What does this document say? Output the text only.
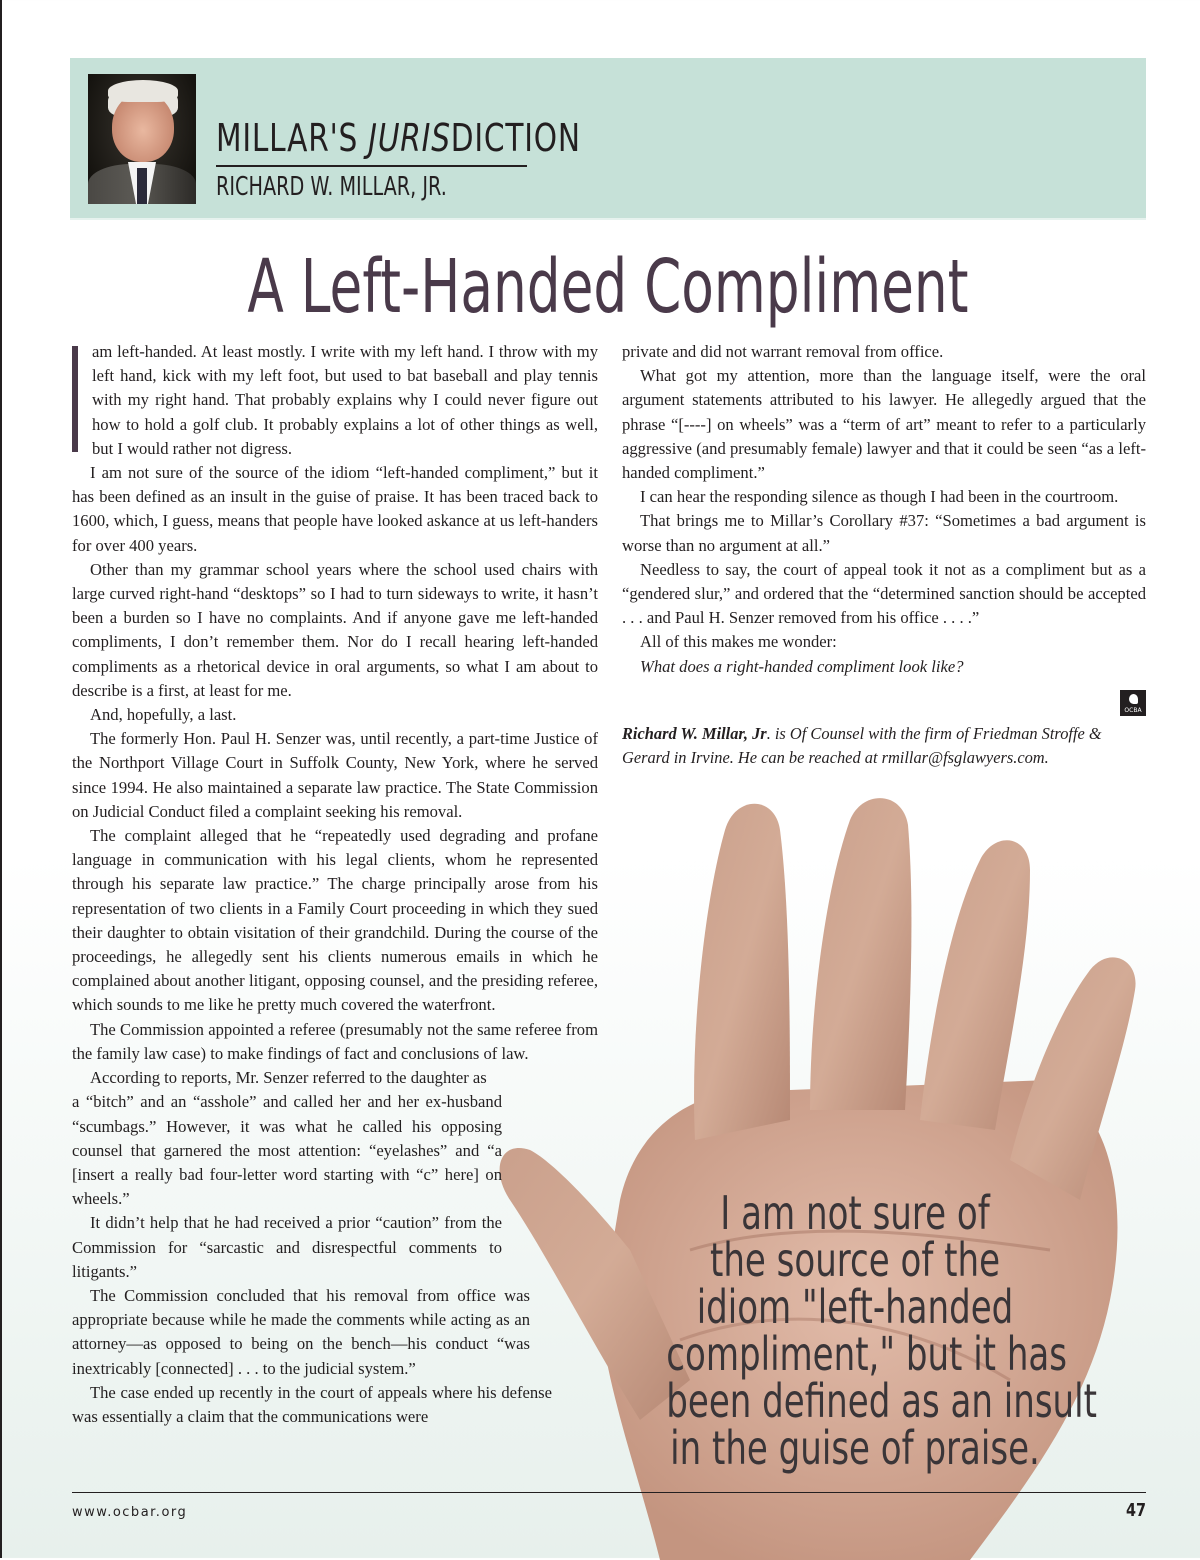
MILLAR'S JURISDICTION
RICHARD W. MILLAR, JR.
A Left-Handed Compliment

am left-handed. At least mostly. I write with my left hand. I throw with my left hand, kick with my left foot, but used to bat baseball and play tennis with my right hand. That probably explains why I could never figure out how to hold a golf club. It probably explains a lot of other things as well, but I would rather not digress.

I am not sure of the source of the idiom “left-handed compliment,” but it has been defined as an insult in the guise of praise. It has been traced back to 1600, which, I guess, means that people have looked askance at us left-handers for over 400 years.

Other than my grammar school years where the school used chairs with large curved right-hand “desktops” so I had to turn sideways to write, it hasn’t been a burden so I have no complaints. And if anyone gave me left-handed compliments, I don’t remember them. Nor do I recall hearing left-handed compliments as a rhetorical device in oral arguments, so what I am about to describe is a first, at least for me.

And, hopefully, a last.

The formerly Hon. Paul H. Senzer was, until recently, a part-time Justice of the Northport Village Court in Suffolk County, New York, where he served since 1994. He also maintained a separate law practice. The State Commission on Judicial Conduct filed a complaint seeking his removal.

The complaint alleged that he “repeatedly used degrading and profane language in communication with his legal clients, whom he represented through his separate law practice.” The charge principally arose from his representation of two clients in a Family Court proceeding in which they sued their daughter to obtain visitation of their grandchild. During the course of the proceedings, he allegedly sent his clients numerous emails in which he complained about another litigant, opposing counsel, and the presiding referee, which sounds to me like he pretty much covered the waterfront.

The Commission appointed a referee (presumably not the same referee from the family law case) to make findings of fact and conclusions of law.

According to reports, Mr. Senzer referred to the daughter as

a “bitch” and an “asshole” and called her and her ex-husband “scumbags.” However, it was what he called his opposing counsel that garnered the most attention: “eyelashes” and “a [insert a really bad four-letter word starting with “c” here] on wheels.”

It didn’t help that he had received a prior “caution” from the Commission for “sarcastic and disrespectful comments to litigants.”

The Commission concluded that his removal from office was appropriate because while he made the comments while acting as an attorney—as opposed to being on the bench—his conduct “was inextricably [connected] . . . to the judicial system.”

The case ended up recently in the court of appeals where his defense was essentially a claim that the communications were

private and did not warrant removal from office.

What got my attention, more than the language itself, were the oral argument statements attributed to his lawyer. He allegedly argued that the phrase “[----] on wheels” was a “term of art” meant to refer to a particularly aggressive (and presumably female) lawyer and that it could be seen “as a left-handed compliment.”

I can hear the responding silence as though I had been in the courtroom.

That brings me to Millar’s Corollary #37: “Sometimes a bad argument is worse than no argument at all.”

Needless to say, the court of appeal took it not as a compliment but as a “gendered slur,” and ordered that the “determined sanction should be accepted . . . and Paul H. Senzer removed from his office . . . .”

All of this makes me wonder:

What does a right-handed compliment look like?

OCBA
Richard W. Millar, Jr. is Of Counsel with the firm of Friedman Stroffe & Gerard in Irvine. He can be reached at rmillar@fsglawyers.com.
I am not sure of
the source of the
idiom "left-handed
compliment," but it has
been defined as an insult
in the guise of praise.
www.ocbar.org	47
